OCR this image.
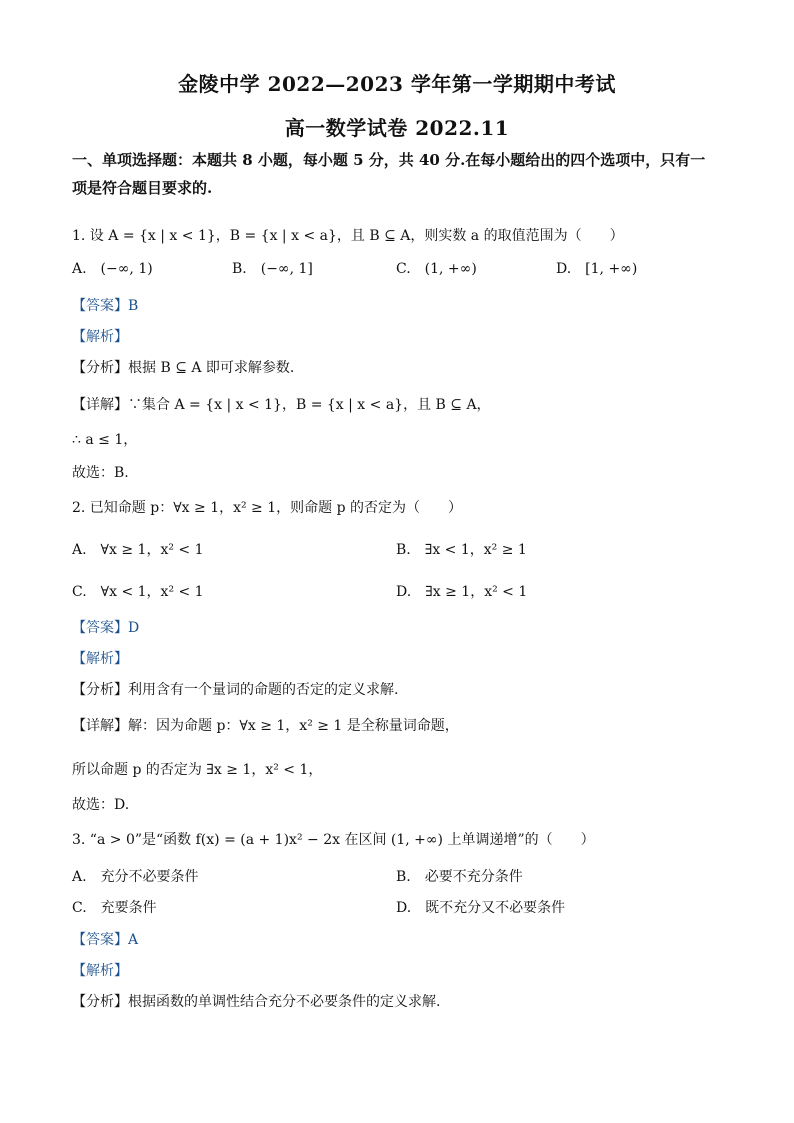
金陵中学 2022—2023 学年第一学期期中考试
高一数学试卷 2022.11
一、单项选择题：本题共 8 小题，每小题 5 分，共 40 分.在每小题给出的四个选项中，只有一
项是符合题目要求的.
1. 设 A = {x | x < 1}，B = {x | x < a}，且 B ⊆ A，则实数 a 的取值范围为（　　）
A.　(−∞, 1)	B.　(−∞, 1]	C.　(1, +∞)	D.　[1, +∞)
【答案】B
【解析】
【分析】根据 B ⊆ A 即可求解参数.
【详解】∵集合 A = {x | x < 1}，B = {x | x < a}，且 B ⊆ A，
∴ a ≤ 1，
故选：B.
2. 已知命题 p：∀x ≥ 1，x² ≥ 1，则命题 p 的否定为（　　）
A.　∀x ≥ 1，x² < 1	B.　∃x < 1，x² ≥ 1
C.　∀x < 1，x² < 1	D.　∃x ≥ 1，x² < 1
【答案】D
【解析】
【分析】利用含有一个量词的命题的否定的定义求解.
【详解】解：因为命题 p：∀x ≥ 1，x² ≥ 1 是全称量词命题，
所以命题 p 的否定为 ∃x ≥ 1，x² < 1，
故选：D.
3. “a > 0”是“函数 f(x) = (a + 1)x² − 2x 在区间 (1, +∞) 上单调递增”的（　　）
A.　充分不必要条件	B.　必要不充分条件
C.　充要条件	D.　既不充分又不必要条件
【答案】A
【解析】
【分析】根据函数的单调性结合充分不必要条件的定义求解.
